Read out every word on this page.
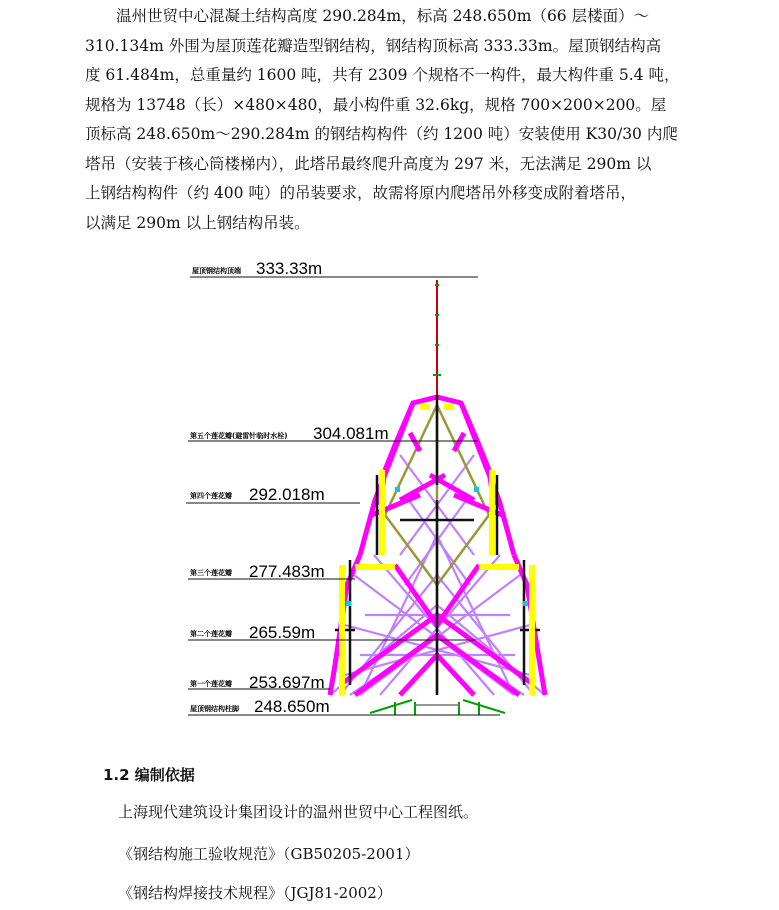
温州世贸中心混凝土结构高度 290.284m，标高 248.650m（66 层楼面）～
310.134m 外围为屋顶莲花瓣造型钢结构，钢结构顶标高 333.33m。屋顶钢结构高
度 61.484m，总重量约 1600 吨，共有 2309 个规格不一构件，最大构件重 5.4 吨，
规格为 13748（长）×480×480，最小构件重 32.6kg，规格 700×200×200。屋
顶标高 248.650m～290.284m 的钢结构构件（约 1200 吨）安装使用 K30/30 内爬
塔吊（安装于核心筒楼梯内），此塔吊最终爬升高度为 297 米，无法满足 290m 以
上钢结构构件（约 400 吨）的吊装要求，故需将原内爬塔吊外移变成附着塔吊，
以满足 290m 以上钢结构吊装。
屋顶钢结构顶端 333.33m
第五个莲花瓣(避雷针临时水栓) 304.081m
第四个莲花瓣 292.018m
第三个莲花瓣 277.483m
第二个莲花瓣 265.59m
第一个莲花瓣 253.697m
屋顶钢结构柱脚 248.650m
1.2 编制依据

上海现代建筑设计集团设计的温州世贸中心工程图纸。

《钢结构施工验收规范》（GB50205-2001）

《钢结构焊接技术规程》（JGJ81-2002）
